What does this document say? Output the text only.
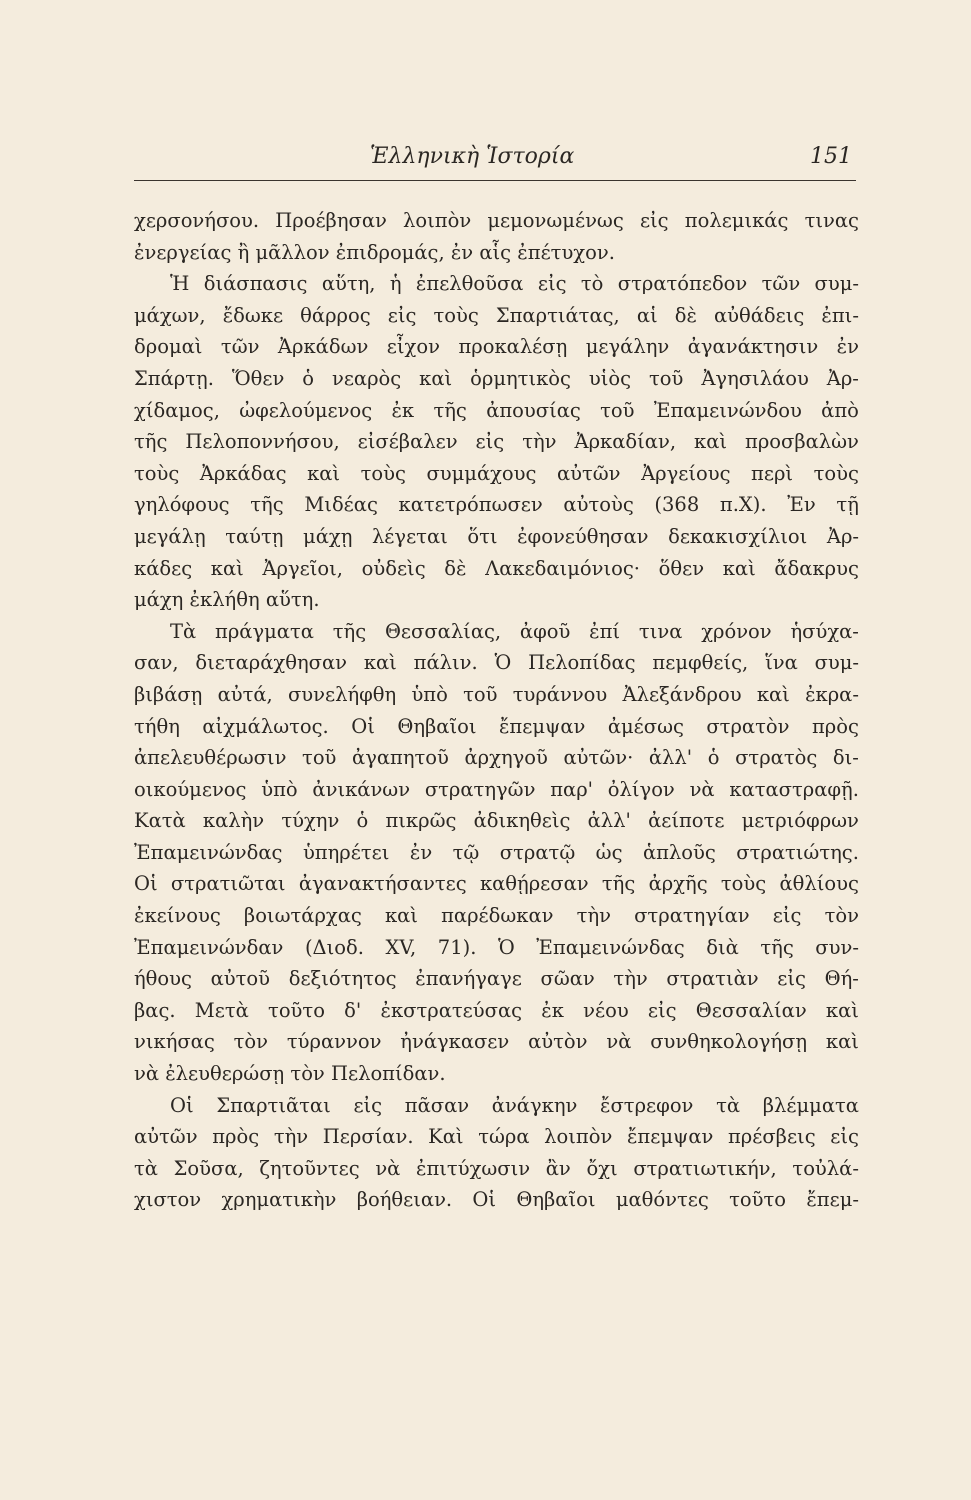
Ἑλληνικὴ Ἱστορία	151
χερσονήσου. Προέβησαν λοιπὸν μεμονωμένως εἰς πολεμικάς τινας
ἐνεργείας ἢ μᾶλλον ἐπιδρομάς, ἐν αἷς ἐπέτυχον.
Ἡ διάσπασις αὕτη, ἡ ἐπελθοῦσα εἰς τὸ στρατόπεδον τῶν συμ-
μάχων, ἔδωκε θάρρος εἰς τοὺς Σπαρτιάτας, αἱ δὲ αὐθάδεις ἐπι-
δρομαὶ τῶν Ἀρκάδων εἶχον προκαλέσῃ μεγάλην ἀγανάκτησιν ἐν
Σπάρτῃ. Ὅθεν ὁ νεαρὸς καὶ ὁρμητικὸς υἱὸς τοῦ Ἀγησιλάου Ἀρ-
χίδαμος, ὠφελούμενος ἐκ τῆς ἀπουσίας τοῦ Ἐπαμεινώνδου ἀπὸ
τῆς Πελοποννήσου, εἰσέβαλεν εἰς τὴν Ἀρκαδίαν, καὶ προσβαλὼν
τοὺς Ἀρκάδας καὶ τοὺς συμμάχους αὐτῶν Ἀργείους περὶ τοὺς
γηλόφους τῆς Μιδέας κατετρόπωσεν αὐτοὺς (368 π.Χ). Ἐν τῇ
μεγάλῃ ταύτῃ μάχῃ λέγεται ὅτι ἐφονεύθησαν δεκακισχίλιοι Ἀρ-
κάδες καὶ Ἀργεῖοι, οὐδεὶς δὲ Λακεδαιμόνιος· ὅθεν καὶ ἄδακρυς
μάχη ἐκλήθη αὕτη.
Τὰ πράγματα τῆς Θεσσαλίας, ἀφοῦ ἐπί τινα χρόνον ἡσύχα-
σαν, διεταράχθησαν καὶ πάλιν. Ὁ Πελοπίδας πεμφθείς, ἵνα συμ-
βιβάσῃ αὐτά, συνελήφθη ὑπὸ τοῦ τυράννου Ἀλεξάνδρου καὶ ἐκρα-
τήθη αἰχμάλωτος. Οἱ Θηβαῖοι ἔπεμψαν ἀμέσως στρατὸν πρὸς
ἀπελευθέρωσιν τοῦ ἀγαπητοῦ ἀρχηγοῦ αὐτῶν· ἀλλ' ὁ στρατὸς δι-
οικούμενος ὑπὸ ἀνικάνων στρατηγῶν παρ' ὀλίγον νὰ καταστραφῇ.
Κατὰ καλὴν τύχην ὁ πικρῶς ἀδικηθεὶς ἀλλ' ἀείποτε μετριόφρων
Ἐπαμεινώνδας ὑπηρέτει ἐν τῷ στρατῷ ὡς ἁπλοῦς στρατιώτης.
Οἱ στρατιῶται ἀγανακτήσαντες καθῄρεσαν τῆς ἀρχῆς τοὺς ἀθλίους
ἐκείνους βοιωτάρχας καὶ παρέδωκαν τὴν στρατηγίαν εἰς τὸν
Ἐπαμεινώνδαν (Διοδ. XV, 71). Ὁ Ἐπαμεινώνδας διὰ τῆς συν-
ήθους αὐτοῦ δεξιότητος ἐπανήγαγε σῶαν τὴν στρατιὰν εἰς Θή-
βας. Μετὰ τοῦτο δ' ἐκστρατεύσας ἐκ νέου εἰς Θεσσαλίαν καὶ
νικήσας τὸν τύραννον ἠνάγκασεν αὐτὸν νὰ συνθηκολογήσῃ καὶ
νὰ ἐλευθερώσῃ τὸν Πελοπίδαν.
Οἱ Σπαρτιᾶται εἰς πᾶσαν ἀνάγκην ἔστρεφον τὰ βλέμματα
αὐτῶν πρὸς τὴν Περσίαν. Καὶ τώρα λοιπὸν ἔπεμψαν πρέσβεις εἰς
τὰ Σοῦσα, ζητοῦντες νὰ ἐπιτύχωσιν ἂν ὄχι στρατιωτικήν, τοὐλά-
χιστον χρηματικὴν βοήθειαν. Οἱ Θηβαῖοι μαθόντες τοῦτο ἔπεμ-
